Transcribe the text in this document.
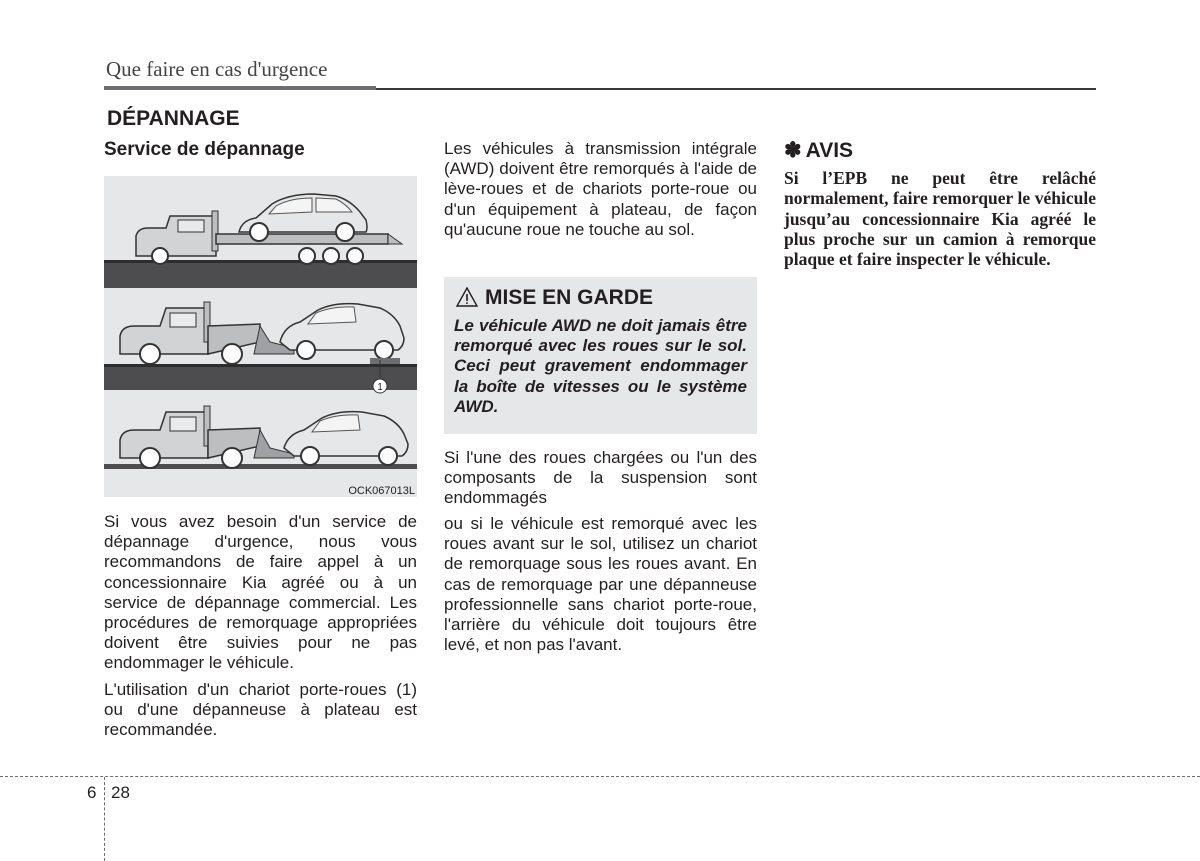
Que faire en cas d'urgence
DÉPANNAGE
Service de dépannage
1
OCK067013L

Si vous avez besoin d'un service de dépannage d'urgence, nous vous recommandons de faire appel à un concessionnaire Kia agréé ou à un service de dépannage commercial. Les procédures de remorquage appropriées doivent être suivies pour ne pas endommager le véhicule.

L'utilisation d'un chariot porte-roues (1) ou d'une dépanneuse à plateau est recommandée.

Les véhicules à transmission intégrale (AWD) doivent être remorqués à l'aide de lève-roues et de chariots porte-roue ou d'un équipement à plateau, de façon qu'aucune roue ne touche au sol.

MISE EN GARDE

Le véhicule AWD ne doit jamais être remorqué avec les roues sur le sol. Ceci peut gravement endommager la boîte de vitesses ou le système AWD.

Si l'une des roues chargées ou l'un des composants de la suspension sont endommagés

ou si le véhicule est remorqué avec les roues avant sur le sol, utilisez un chariot de remorquage sous les roues avant. En cas de remorquage par une dépanneuse professionnelle sans chariot porte-roue, l'arrière du véhicule doit toujours être levé, et non pas l'avant.

✽ AVIS

Si l’EPB ne peut être relâché normalement, faire remorquer le véhicule jusqu’au concessionnaire Kia agréé le plus proche sur un camion à remorque plaque et faire inspecter le véhicule.

6 28
